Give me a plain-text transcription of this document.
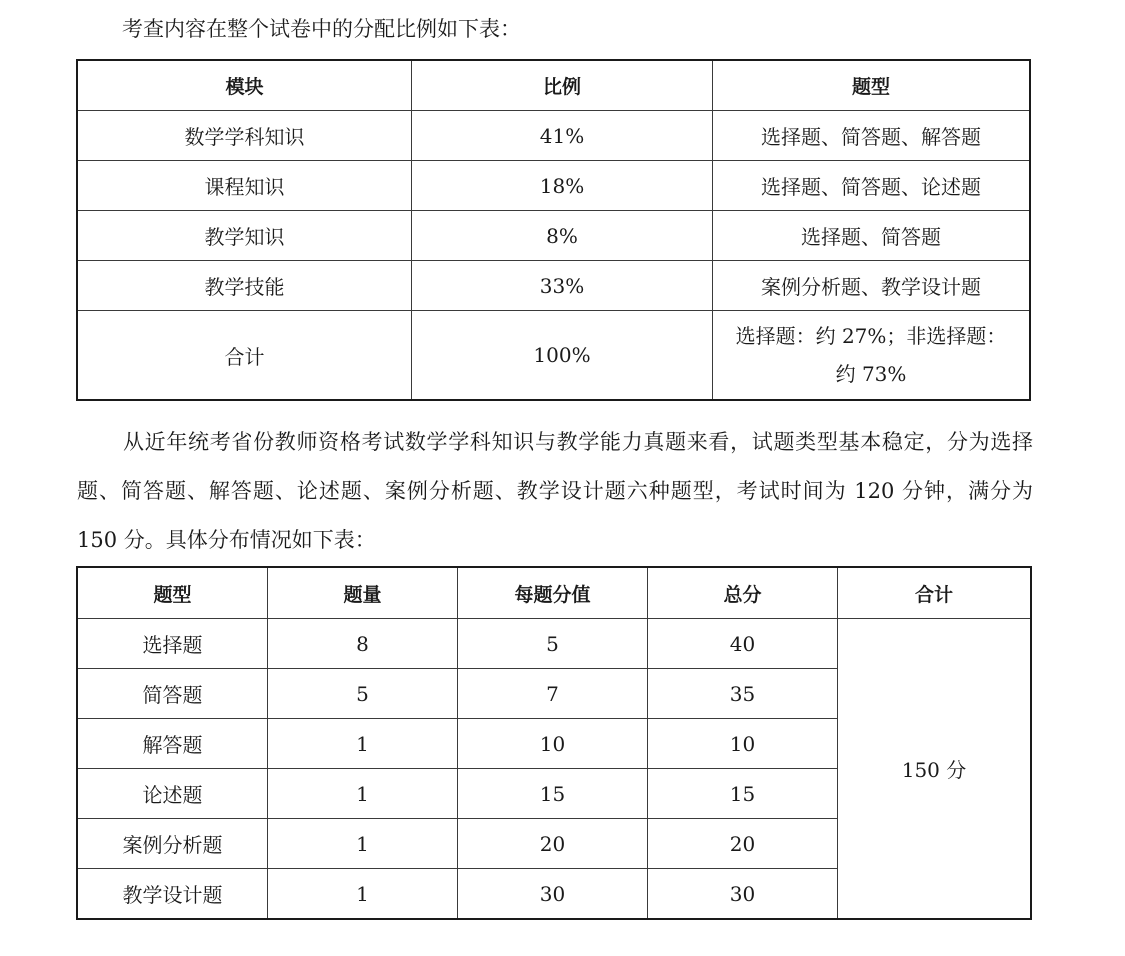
考查内容在整个试卷中的分配比例如下表：
模块	比例	题型
数学学科知识	41%	选择题、简答题、解答题
课程知识	18%	选择题、简答题、论述题
教学知识	8%	选择题、简答题
教学技能	33%	案例分析题、教学设计题
合计	100%	选择题：约 27%；非选择题：约 73%
从近年统考省份教师资格考试数学学科知识与教学能力真题来看，试题类型基本稳定，分为选择题、简答题、解答题、论述题、案例分析题、教学设计题六种题型，考试时间为 120 分钟，满分为 150 分。具体分布情况如下表：
题型	题量	每题分值	总分	合计
选择题	8	5	40	150 分
简答题	5	7	35	
解答题	1	10	10	
论述题	1	15	15	
案例分析题	1	20	20	
教学设计题	1	30	30	
